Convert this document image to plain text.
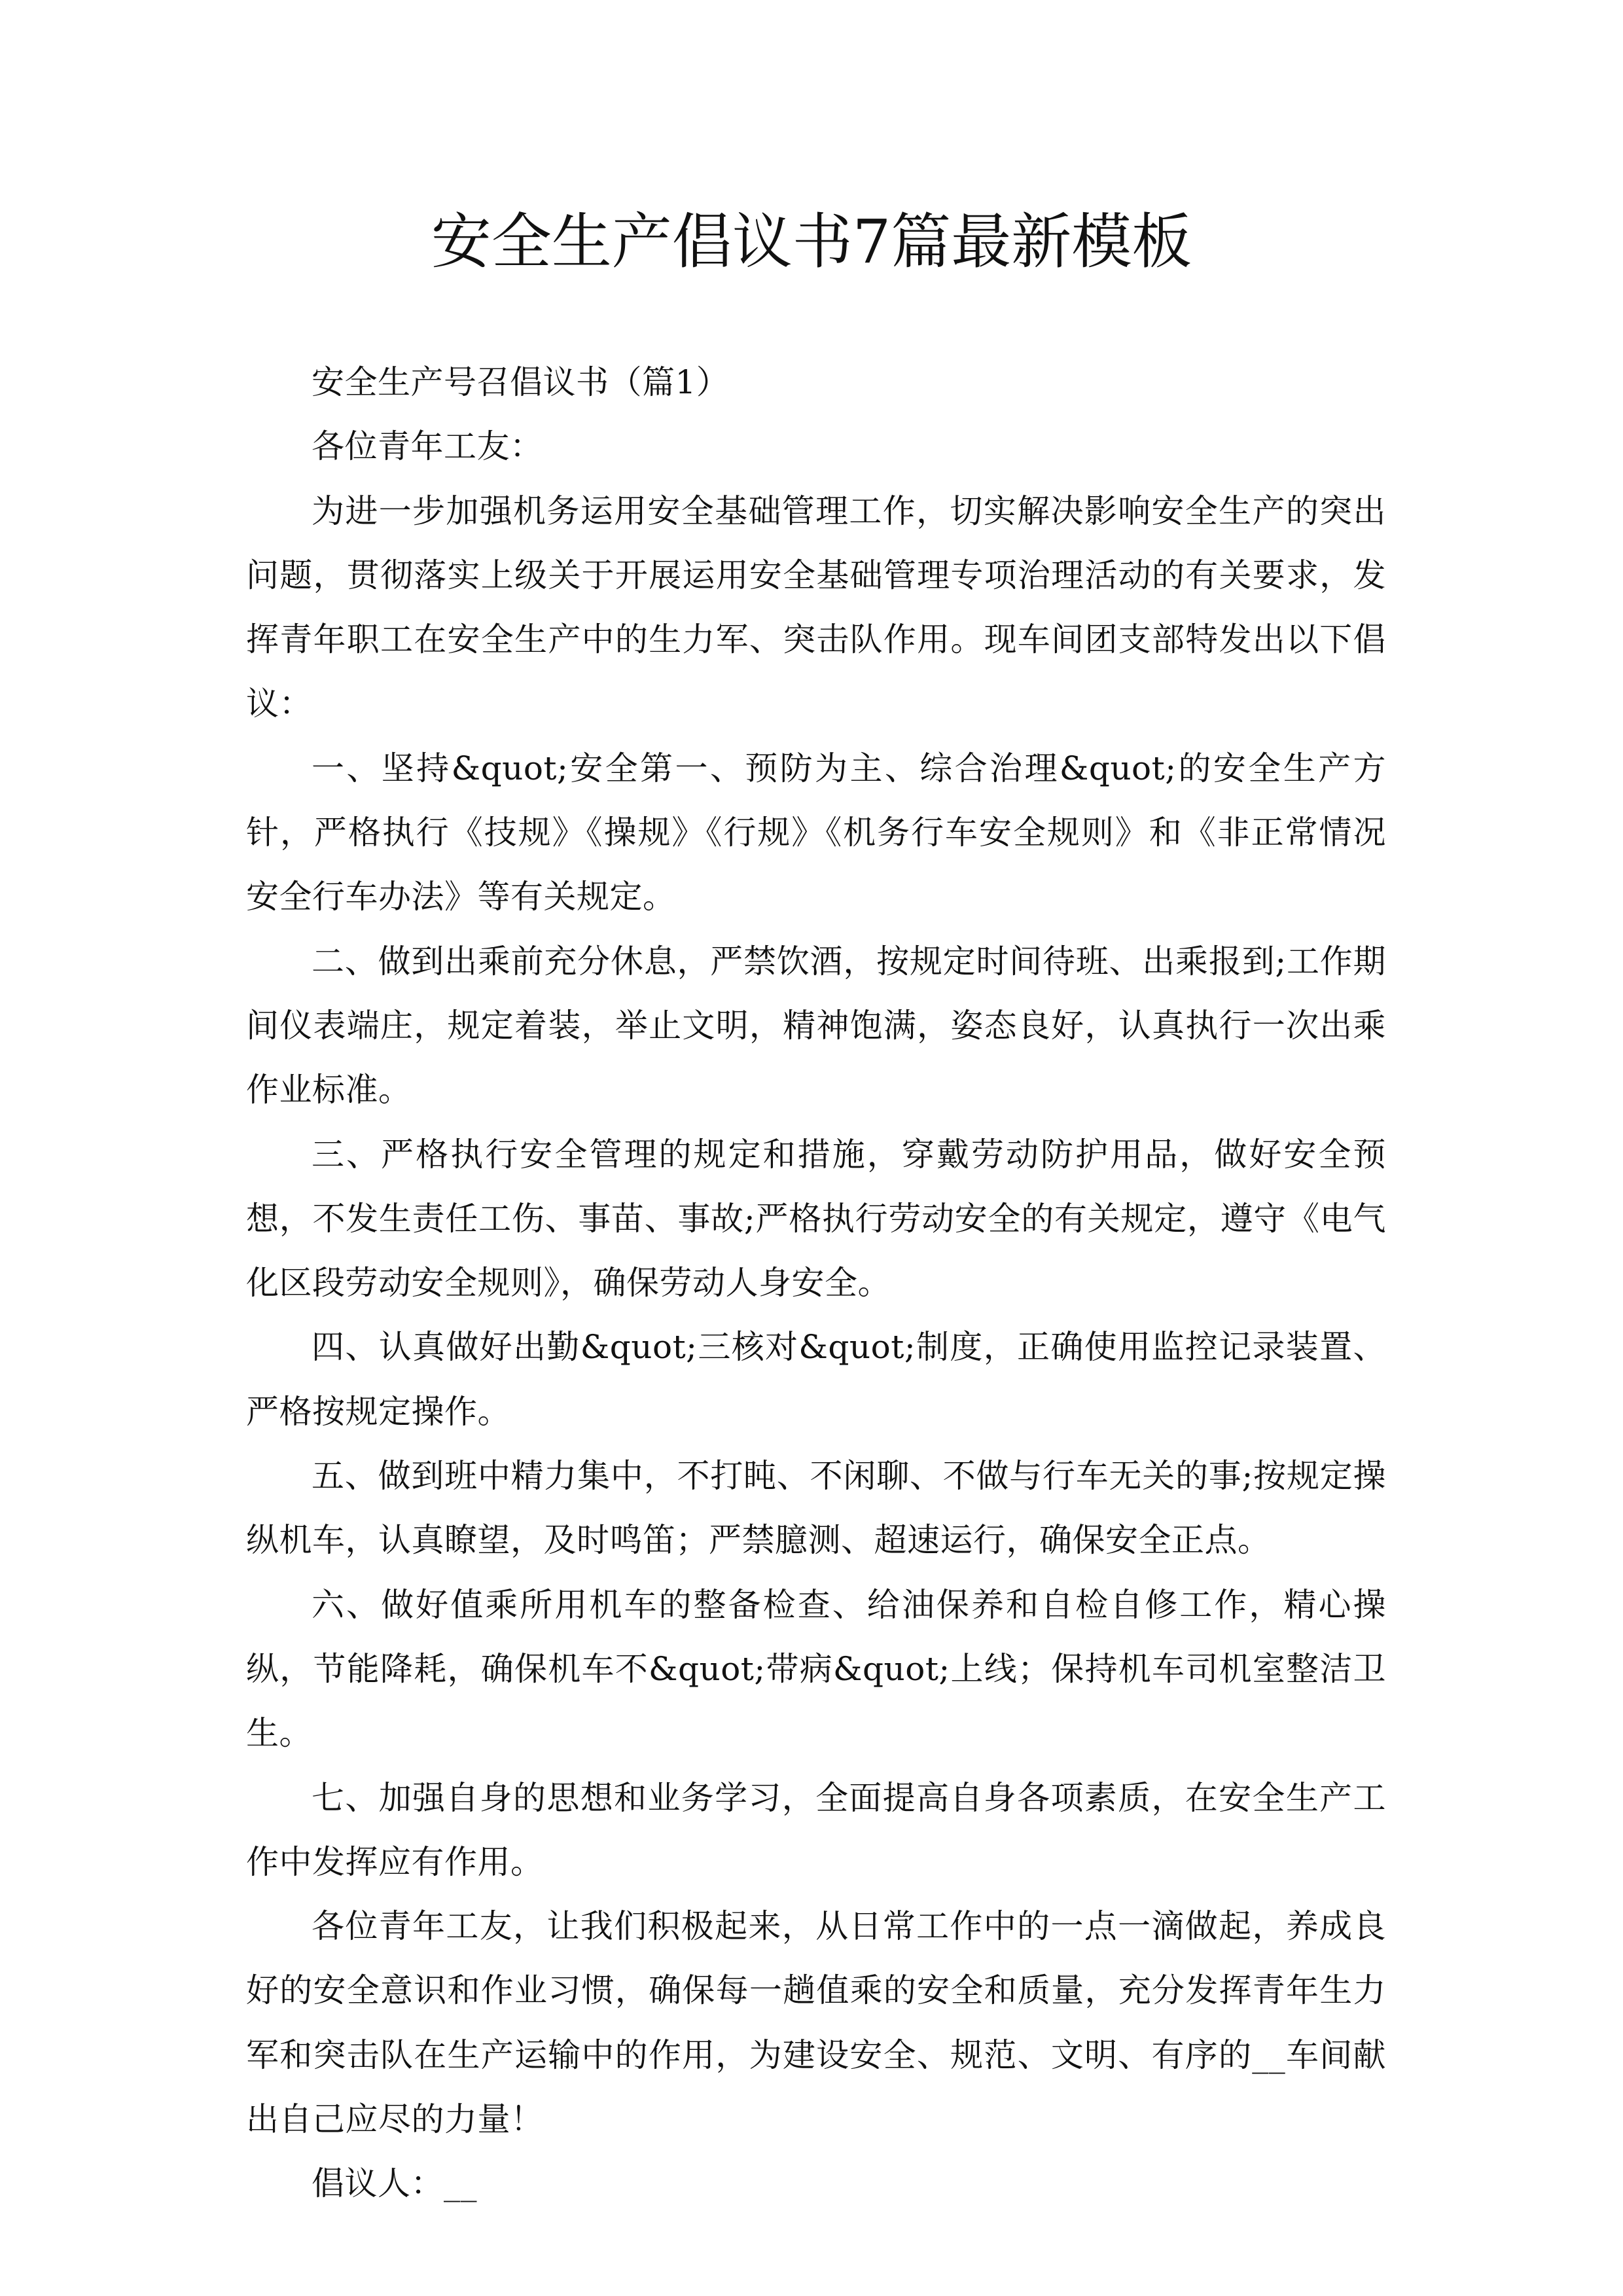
安全生产倡议书7篇最新模板

安全生产号召倡议书（篇1）

各位青年工友：

为进一步加强机务运用安全基础管理工作，切实解决影响安全生产的突出问题，贯彻落实上级关于开展运用安全基础管理专项治理活动的有关要求，发挥青年职工在安全生产中的生力军、突击队作用。现车间团支部特发出以下倡议：

一、坚持&quot;安全第一、预防为主、综合治理&quot;的安全生产方针，严格执行《技规》《操规》《行规》《机务行车安全规则》和《非正常情况安全行车办法》等有关规定。

二、做到出乘前充分休息，严禁饮酒，按规定时间待班、出乘报到;工作期间仪表端庄，规定着装，举止文明，精神饱满，姿态良好，认真执行一次出乘作业标准。

三、严格执行安全管理的规定和措施，穿戴劳动防护用品，做好安全预想，不发生责任工伤、事苗、事故;严格执行劳动安全的有关规定，遵守《电气化区段劳动安全规则》，确保劳动人身安全。

四、认真做好出勤&quot;三核对&quot;制度，正确使用监控记录装置、严格按规定操作。

五、做到班中精力集中，不打盹、不闲聊、不做与行车无关的事;按规定操纵机车，认真瞭望，及时鸣笛；严禁臆测、超速运行，确保安全正点。

六、做好值乘所用机车的整备检查、给油保养和自检自修工作，精心操纵，节能降耗，确保机车不&quot;带病&quot;上线；保持机车司机室整洁卫生。

七、加强自身的思想和业务学习，全面提高自身各项素质，在安全生产工作中发挥应有作用。

各位青年工友，让我们积极起来，从日常工作中的一点一滴做起，养成良好的安全意识和作业习惯，确保每一趟值乘的安全和质量，充分发挥青年生力军和突击队在生产运输中的作用，为建设安全、规范、文明、有序的__车间献出自己应尽的力量！

倡议人：__
